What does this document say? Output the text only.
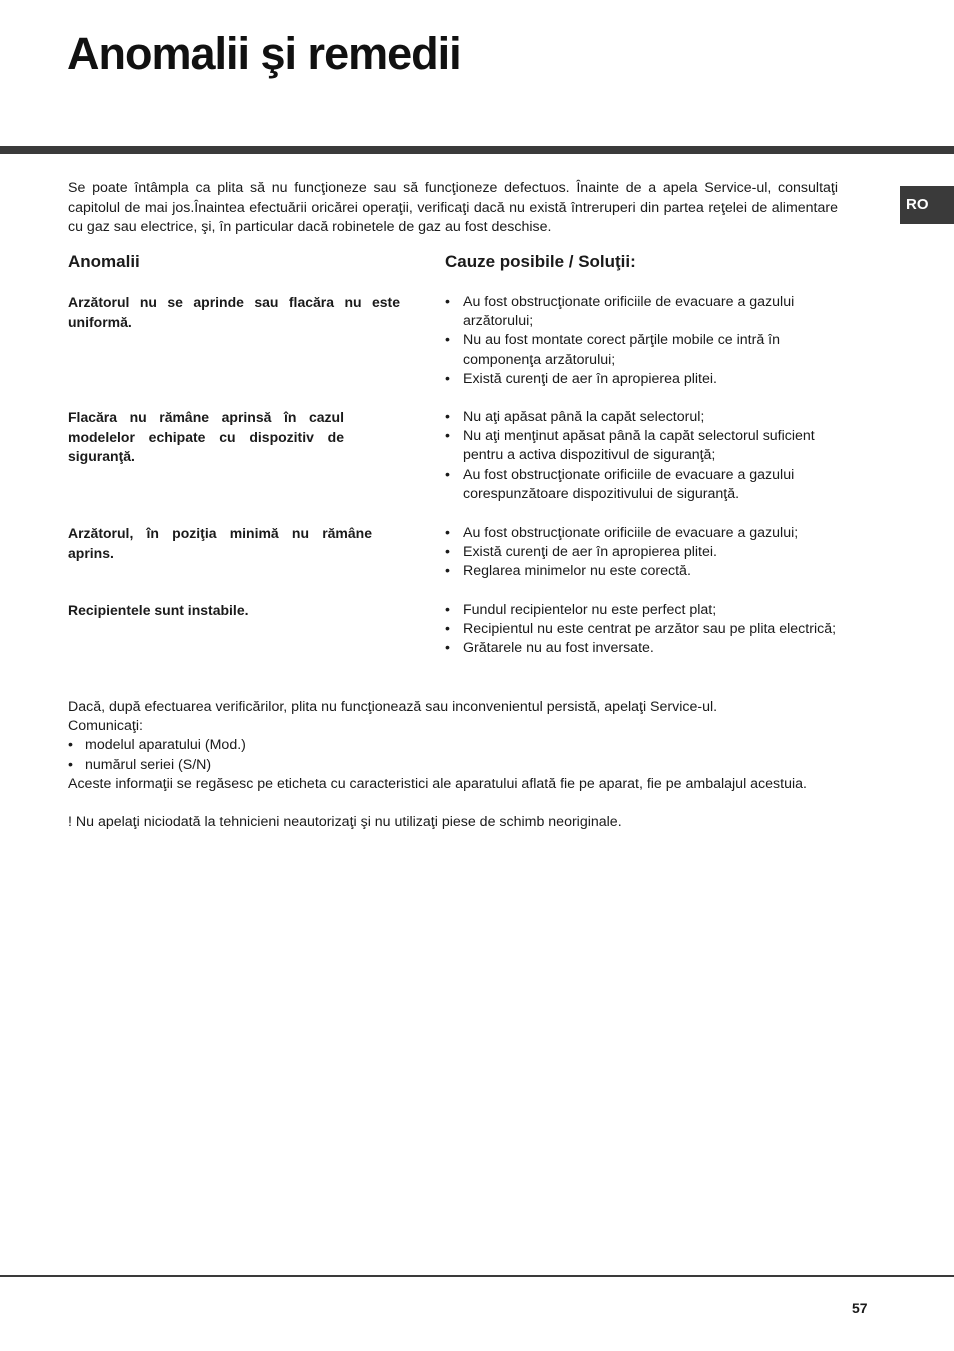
Anomalii şi remedii
RO

Se poate întâmpla ca plita să nu funcţioneze sau să funcţioneze defectuos. Înainte de a apela Service-ul, consultaţi capitolul de mai jos.Înaintea efectuării oricărei operaţii, verificaţi dacă nu există întreruperi din partea reţelei de alimentare cu gaz sau electrice, şi, în particular dacă robinetele de gaz au fost deschise.

Anomalii	Cauze posibile / Soluţii:

Arzătorul nu se aprinde sau flacăra nu este uniformă.

• Au fost obstrucţionate orificiile de evacuare a gazului arzătorului;
• Nu au fost montate corect părţile mobile ce intră în componenţa arzătorului;
• Există curenţi de aer în apropierea plitei.

Flacăra nu rămâne aprinsă în cazul modelelor echipate cu dispozitiv de siguranţă.

• Nu aţi apăsat până la capăt selectorul;
• Nu aţi menţinut apăsat până la capăt selectorul suficient pentru a activa dispozitivul de siguranţă;
• Au fost obstrucţionate orificiile de evacuare a gazului corespunzătoare dispozitivului de siguranţă.

Arzătorul, în poziţia minimă nu rămâne aprins.

• Au fost obstrucţionate orificiile de evacuare a gazului;
• Există curenţi de aer în apropierea plitei.
• Reglarea minimelor nu este corectă.

Recipientele sunt instabile.	• Fundul recipientelor nu este perfect plat;
• Recipientul nu este centrat pe arzător sau pe plita electrică;
• Grătarele nu au fost inversate.

Dacă, după efectuarea verificărilor, plita nu funcţionează sau inconvenientul persistă, apelaţi Service-ul.

Comunicaţi:

• modelul aparatului (Mod.)
• numărul seriei (S/N)

Aceste informaţii se regăsesc pe eticheta cu caracteristici ale aparatului aflată fie pe aparat, fie pe ambalajul acestuia.

! Nu apelaţi niciodată la tehnicieni neautorizaţi şi nu utilizaţi piese de schimb neoriginale.

57
